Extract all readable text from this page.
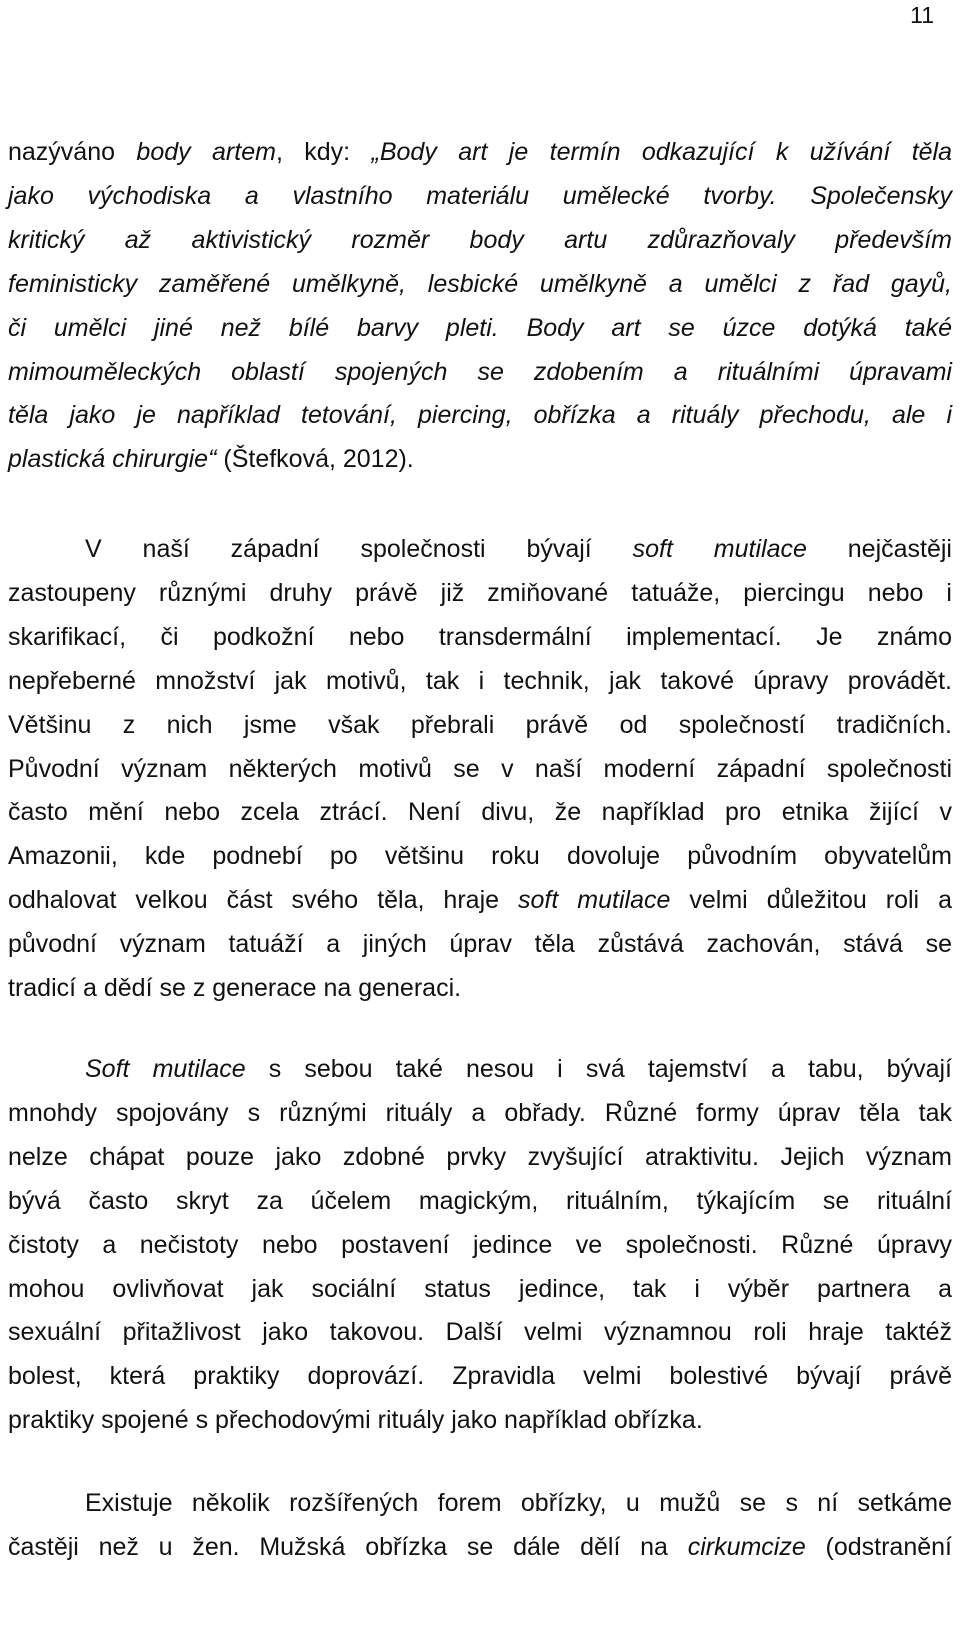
11
nazýváno body artem, kdy: „Body art je termín odkazující k užívání těla
jako východiska a vlastního materiálu umělecké tvorby. Společensky
kritický až aktivistický rozměr body artu zdůrazňovaly především
feministicky zaměřené umělkyně, lesbické umělkyně a umělci z řad gayů,
či umělci jiné než bílé barvy pleti. Body art se úzce dotýká také
mimouměleckých oblastí spojených se zdobením a rituálními úpravami
těla jako je například tetování, piercing, obřízka a rituály přechodu, ale i
plastická chirurgie“ (Štefková, 2012).
V naší západní společnosti bývají soft mutilace nejčastěji
zastoupeny různými druhy právě již zmiňované tatuáže, piercingu nebo i
skarifikací, či podkožní nebo transdermální implementací. Je známo
nepřeberné množství jak motivů, tak i technik, jak takové úpravy provádět.
Většinu z nich jsme však přebrali právě od společností tradičních.
Původní význam některých motivů se v naší moderní západní společnosti
často mění nebo zcela ztrácí. Není divu, že například pro etnika žijící v
Amazonii, kde podnebí po většinu roku dovoluje původním obyvatelům
odhalovat velkou část svého těla, hraje soft mutilace velmi důležitou roli a
původní význam tatuáží a jiných úprav těla zůstává zachován, stává se
tradicí a dědí se z generace na generaci.
Soft mutilace s sebou také nesou i svá tajemství a tabu, bývají
mnohdy spojovány s různými rituály a obřady. Různé formy úprav těla tak
nelze chápat pouze jako zdobné prvky zvyšující atraktivitu. Jejich význam
bývá často skryt za účelem magickým, rituálním, týkajícím se rituální
čistoty a nečistoty nebo postavení jedince ve společnosti. Různé úpravy
mohou ovlivňovat jak sociální status jedince, tak i výběr partnera a
sexuální přitažlivost jako takovou. Další velmi významnou roli hraje taktéž
bolest, která praktiky doprovází. Zpravidla velmi bolestivé bývají právě
praktiky spojené s přechodovými rituály jako například obřízka.
Existuje několik rozšířených forem obřízky, u mužů se s ní setkáme
častěji než u žen. Mužská obřízka se dále dělí na cirkumcize (odstranění
